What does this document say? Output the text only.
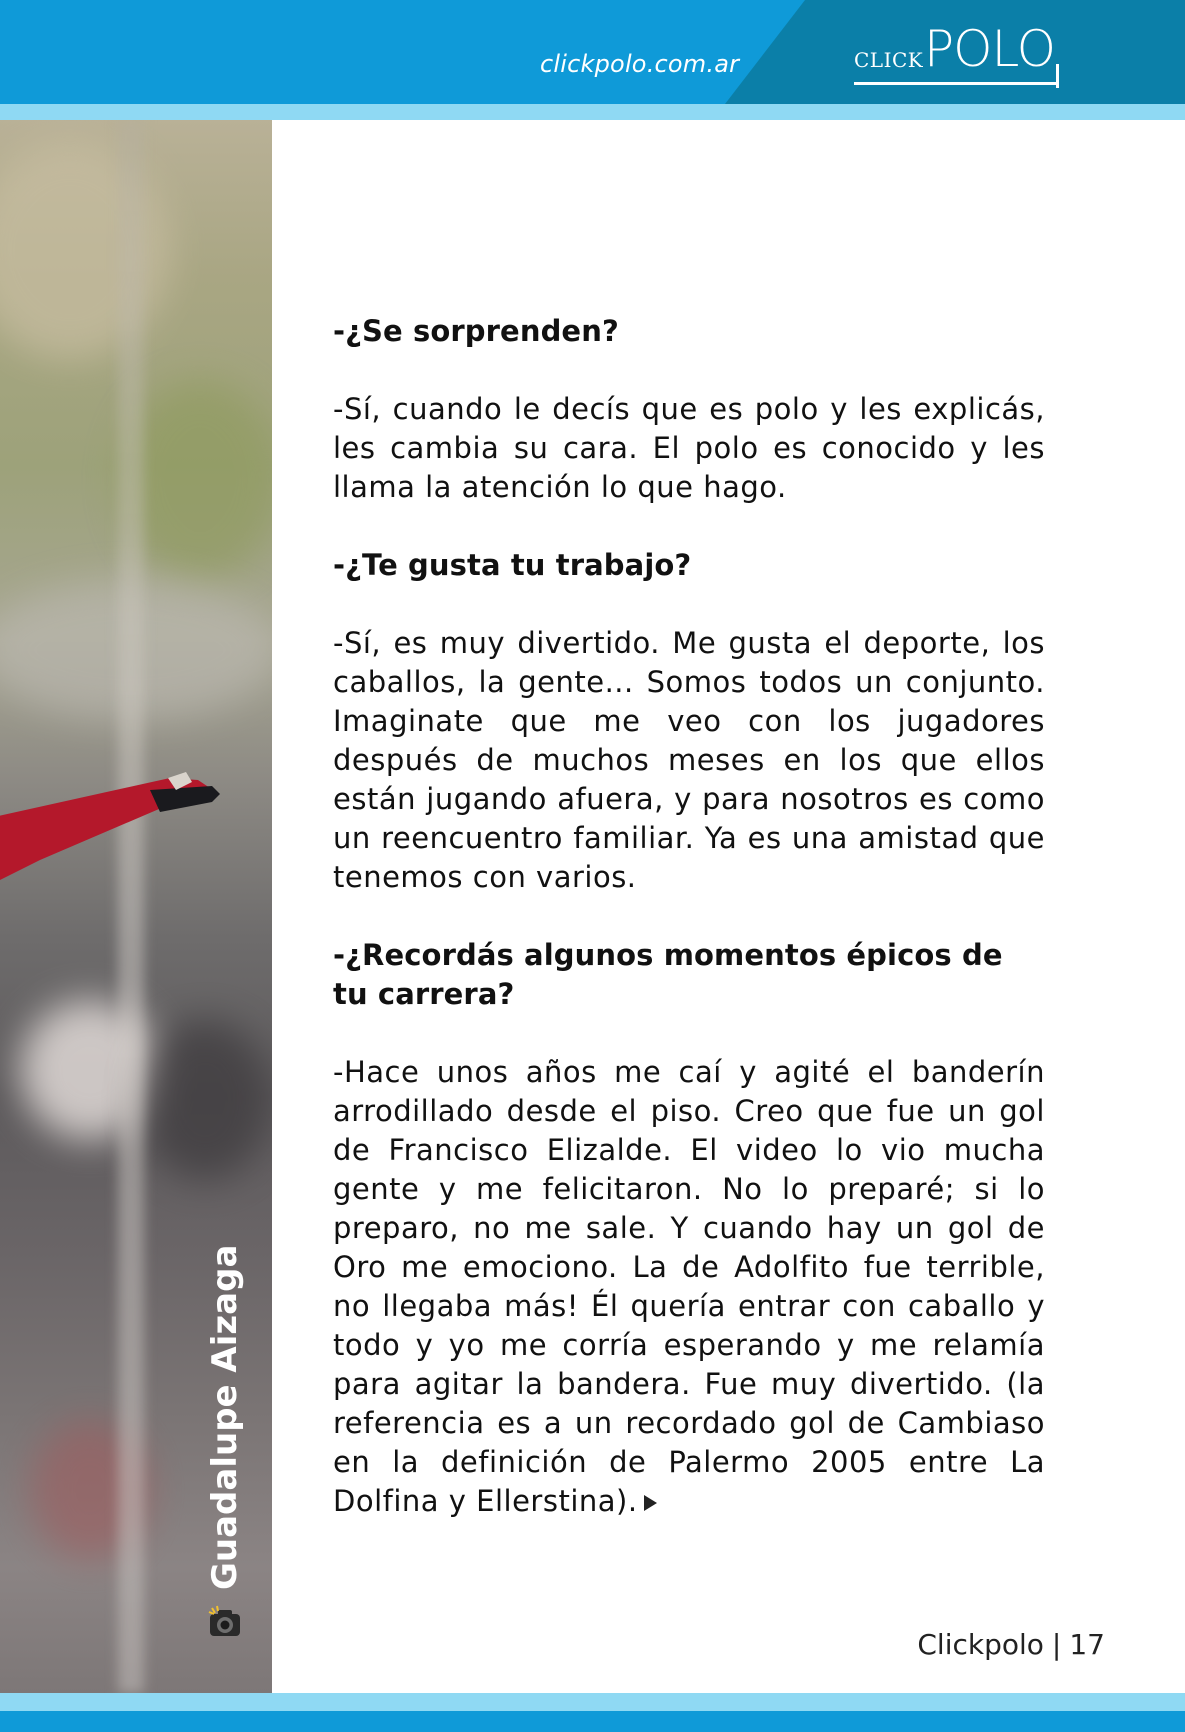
clickpolo.com.ar	CLICK POLO
Guadalupe Aizaga

-¿Se sorprenden?

-Sí, cuando le decís que es polo y les explicás, les cambia su cara. El polo es conocido y les llama la atención lo que hago.

-¿Te gusta tu trabajo?

-Sí, es muy divertido. Me gusta el deporte, los caballos, la gente... Somos todos un conjunto. Imaginate que me veo con los jugadores después de muchos meses en los que ellos están jugando afuera, y para nosotros es como un reencuentro familiar. Ya es una amistad que tenemos con varios.

-¿Recordás algunos momentos épicos de tu carrera?

-Hace unos años me caí y agité el banderín arrodillado desde el piso. Creo que fue un gol de Francisco Elizalde. El video lo vio mucha gente y me felicitaron. No lo preparé; si lo preparo, no me sale. Y cuando hay un gol de Oro me emociono. La de Adolfito fue terrible, no llegaba más! Él quería entrar con caballo y todo y yo me corría esperando y me relamía para agitar la bandera. Fue muy divertido. (la referencia es a un recordado gol de Cambiaso en la definición de Palermo 2005 entre La Dolfina y Ellerstina).

Clickpolo | 17
